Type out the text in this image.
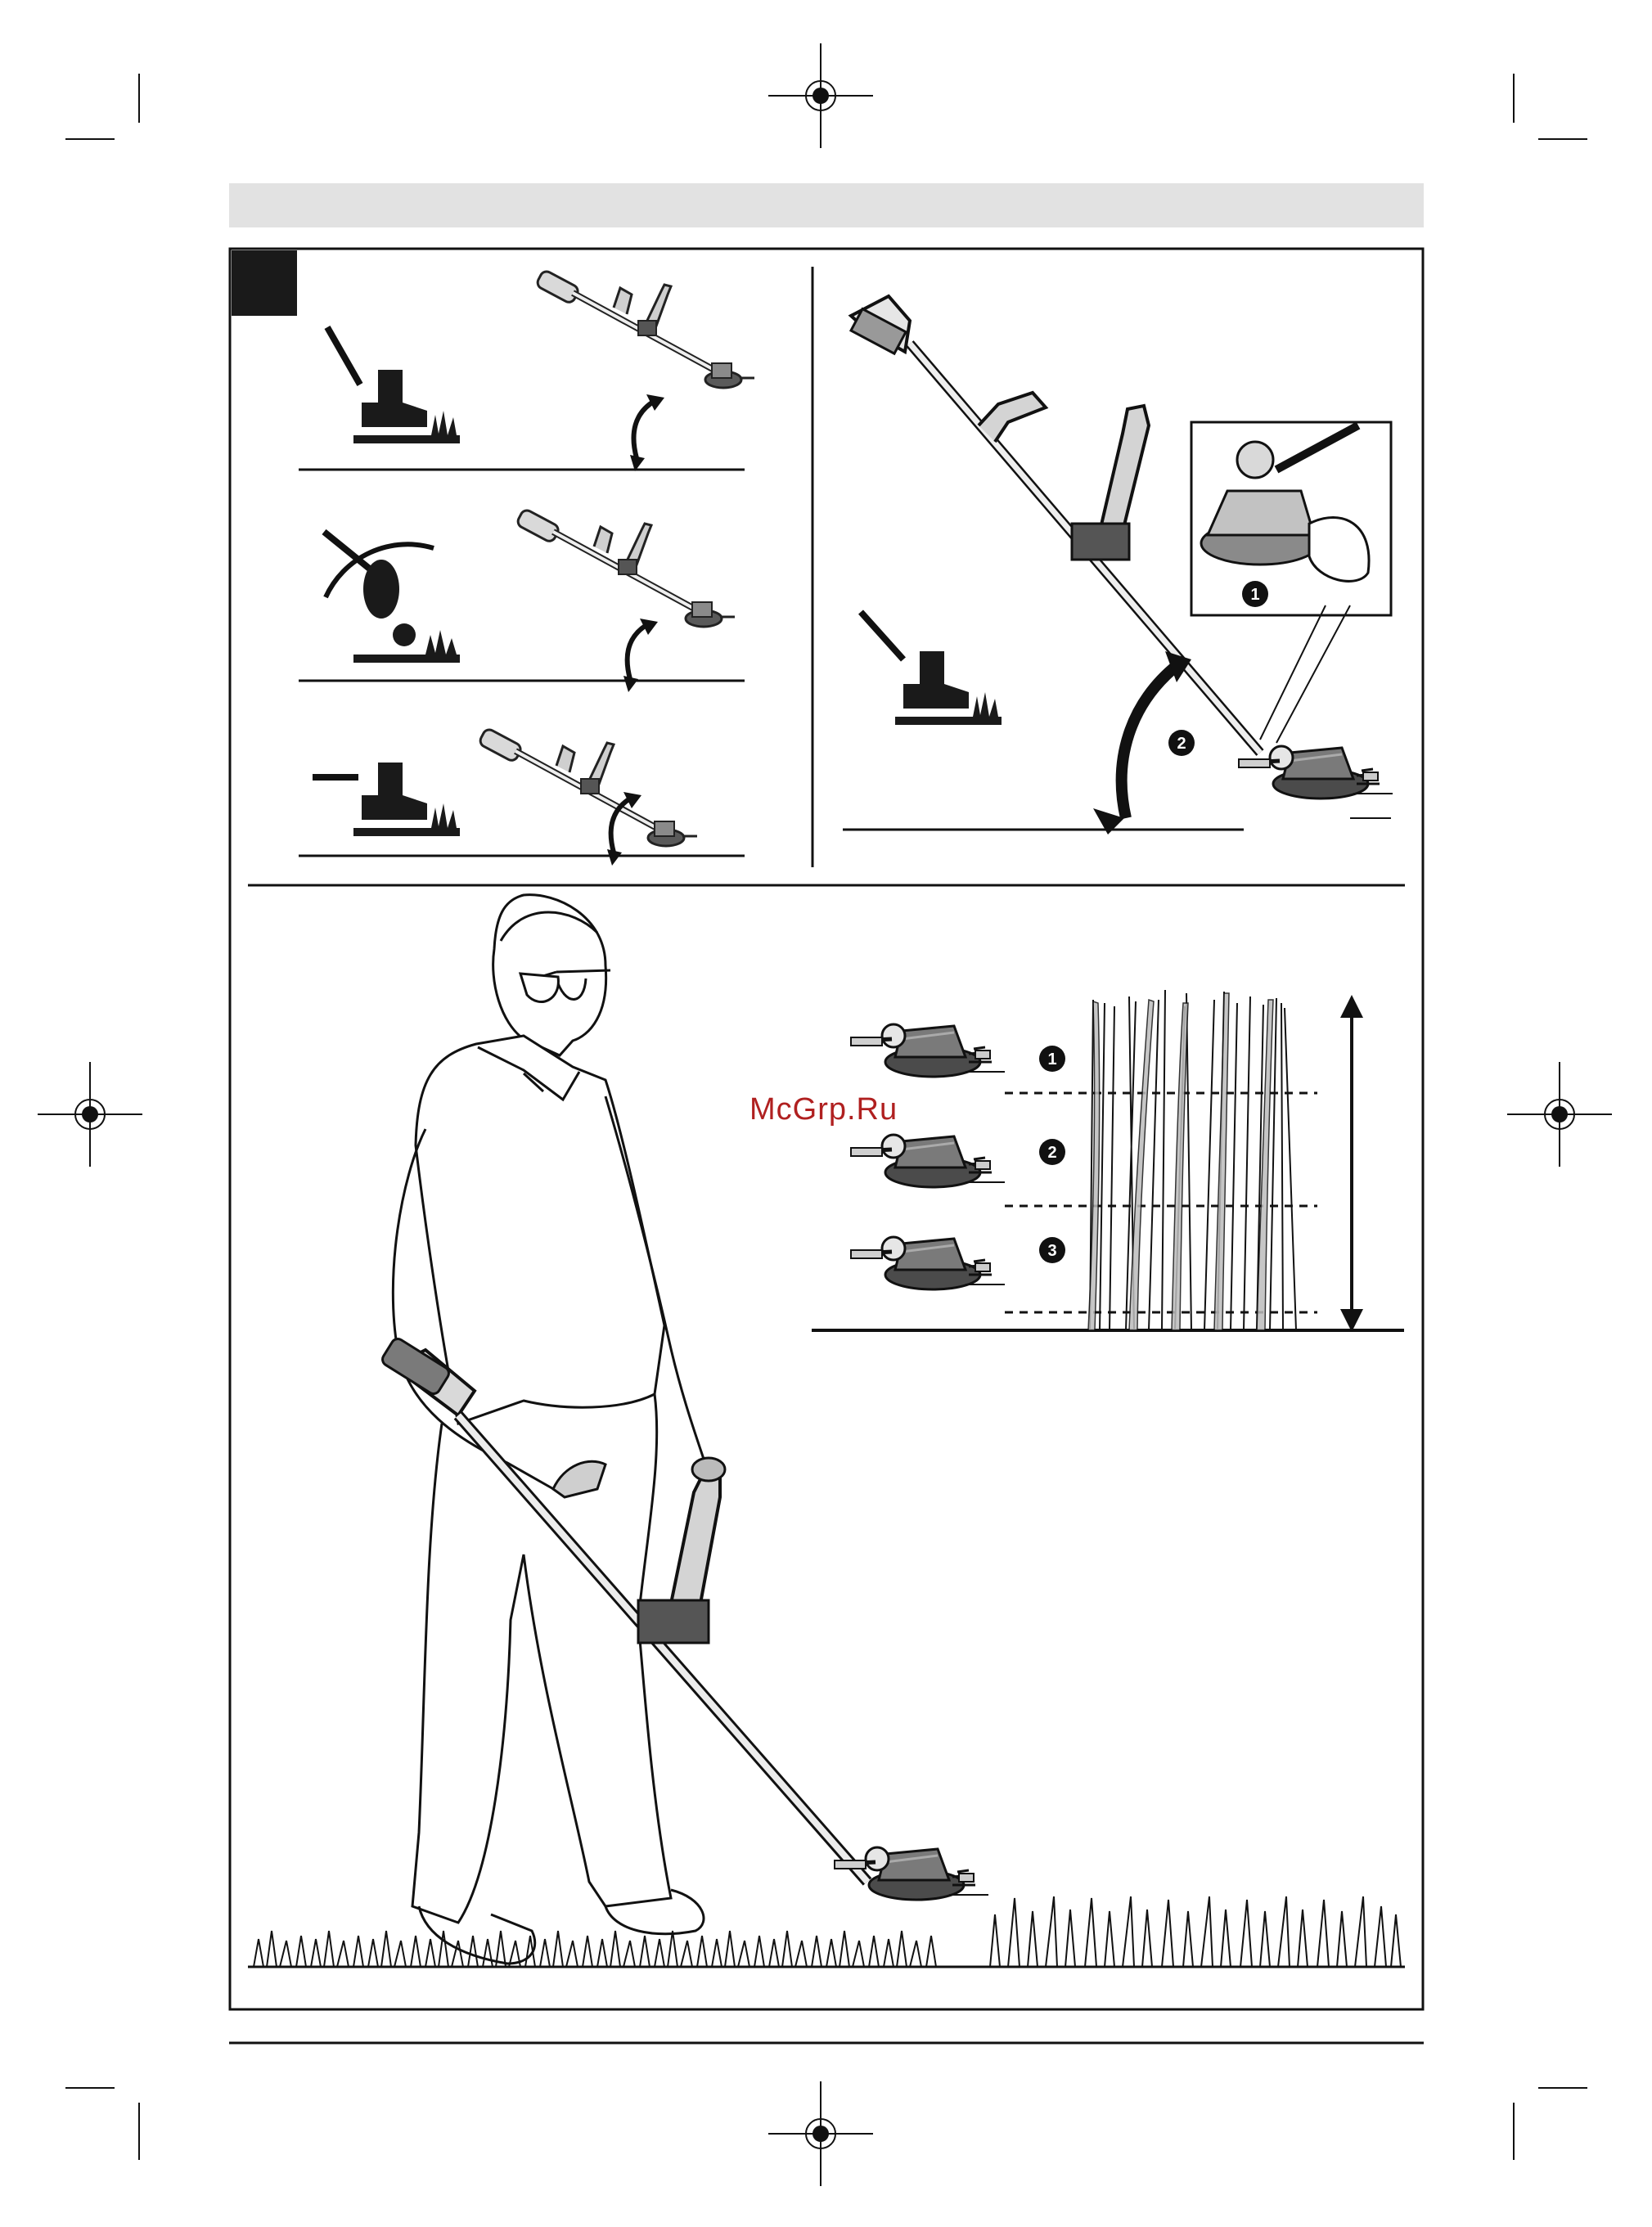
1
2
1
2
3
McGrp.Ru
